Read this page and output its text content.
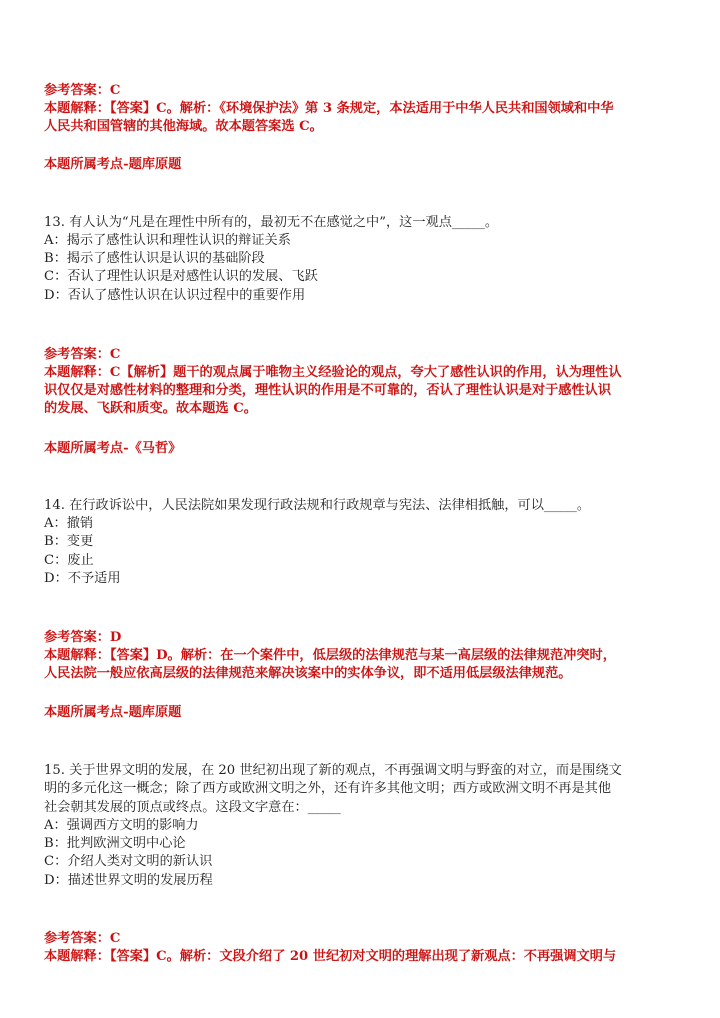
参考答案：C
本题解释：【答案】C。解析：《环境保护法》第 3 条规定，本法适用于中华人民共和国领域和中华
人民共和国管辖的其他海域。故本题答案选 C。
本题所属考点-题库原题
13. 有人认为“凡是在理性中所有的，最初无不在感觉之中”，这一观点_____。
A：揭示了感性认识和理性认识的辩证关系
B：揭示了感性认识是认识的基础阶段
C：否认了理性认识是对感性认识的发展、飞跃
D：否认了感性认识在认识过程中的重要作用
参考答案：C
本题解释：C【解析】题干的观点属于唯物主义经验论的观点，夸大了感性认识的作用，认为理性认
识仅仅是对感性材料的整理和分类，理性认识的作用是不可靠的，否认了理性认识是对于感性认识
的发展、飞跃和质变。故本题选 C。
本题所属考点-《马哲》
14. 在行政诉讼中，人民法院如果发现行政法规和行政规章与宪法、法律相抵触，可以_____。
A：撤销
B：变更
C：废止
D：不予适用
参考答案：D
本题解释：【答案】D。解析：在一个案件中，低层级的法律规范与某一高层级的法律规范冲突时，
人民法院一般应依高层级的法律规范来解决该案中的实体争议，即不适用低层级法律规范。
本题所属考点-题库原题
15. 关于世界文明的发展，在 20 世纪初出现了新的观点，不再强调文明与野蛮的对立，而是围绕文
明的多元化这一概念；除了西方或欧洲文明之外，还有许多其他文明；西方或欧洲文明不再是其他
社会朝其发展的顶点或终点。这段文字意在：_____
A：强调西方文明的影响力
B：批判欧洲文明中心论
C：介绍人类对文明的新认识
D：描述世界文明的发展历程
参考答案：C
本题解释：【答案】C。解析：文段介绍了 20 世纪初对文明的理解出现了新观点：不再强调文明与
